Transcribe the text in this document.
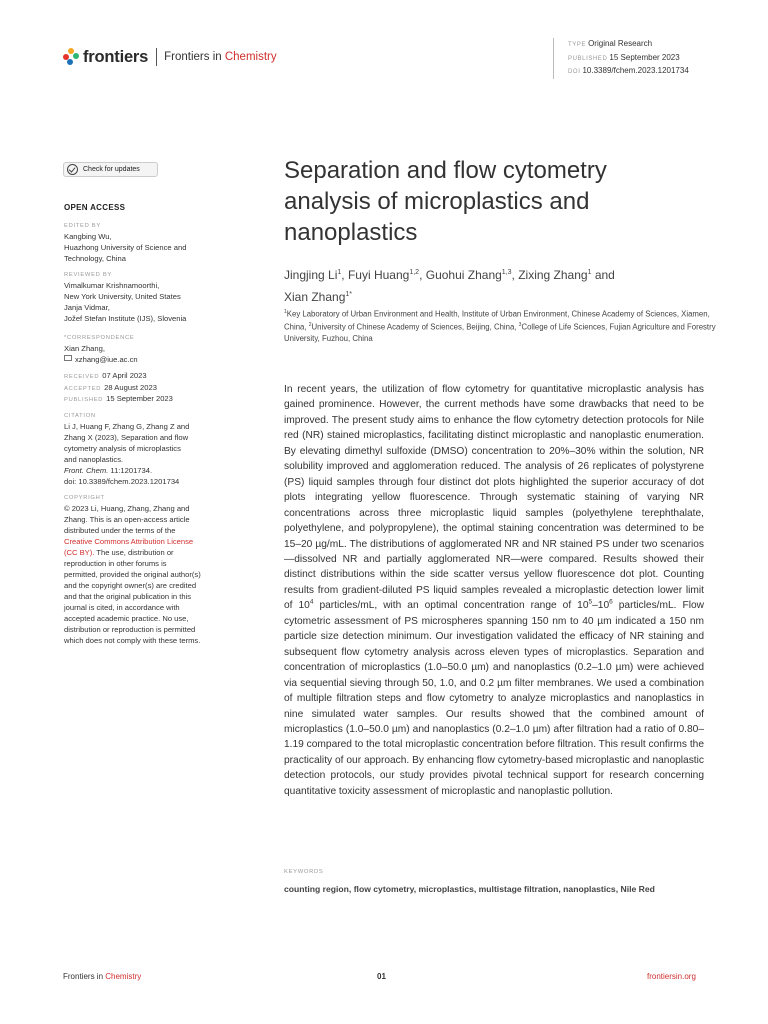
frontiers Frontiers in Chemistry
TYPE Original Research
PUBLISHED 15 September 2023
DOI 10.3389/fchem.2023.1201734
Check for updates
OPEN ACCESS
EDITED BY
Kangbing Wu,
Huazhong University of Science and
Technology, China
REVIEWED BY
Vimalkumar Krishnamoorthi,
New York University, United States
Janja Vidmar,
Jožef Stefan Institute (IJS), Slovenia
*CORRESPONDENCE
Xian Zhang,
xzhang@iue.ac.cn
RECEIVED 07 April 2023
ACCEPTED 28 August 2023
PUBLISHED 15 September 2023
CITATION
Li J, Huang F, Zhang G, Zhang Z and
Zhang X (2023), Separation and flow
cytometry analysis of microplastics
and nanoplastics.
Front. Chem. 11:1201734.
doi: 10.3389/fchem.2023.1201734
COPYRIGHT
© 2023 Li, Huang, Zhang, Zhang and
Zhang. This is an open-access article
distributed under the terms of the
Creative Commons Attribution License
(CC BY). The use, distribution or
reproduction in other forums is
permitted, provided the original author(s)
and the copyright owner(s) are credited
and that the original publication in this
journal is cited, in accordance with
accepted academic practice. No use,
distribution or reproduction is permitted
which does not comply with these terms.
Separation and flow cytometry
analysis of microplastics and
nanoplastics
Jingjing Li$^1$, Fuyi Huang$^{1,2}$, Guohui Zhang$^{1,3}$, Zixing Zhang$^1$ and
Xian Zhang$^{1*}$
$^1$Key Laboratory of Urban Environment and Health, Institute of Urban Environment, Chinese Academy of Sciences, Xiamen, China, $^2$University of Chinese Academy of Sciences, Beijing, China, $^3$College of Life Sciences, Fujian Agriculture and Forestry University, Fuzhou, China
In recent years, the utilization of flow cytometry for quantitative microplastic analysis has gained prominence. However, the current methods have some drawbacks that need to be improved. The present study aims to enhance the flow cytometry detection protocols for Nile red (NR) stained microplastics, facilitating distinct microplastic and nanoplastic enumeration. By elevating dimethyl sulfoxide (DMSO) concentration to 20%–30% within the solution, NR solubility improved and agglomeration reduced. The analysis of 26 replicates of polystyrene (PS) liquid samples through four distinct dot plots highlighted the superior accuracy of dot plots integrating yellow fluorescence. Through systematic staining of varying NR concentrations across three microplastic liquid samples (polyethylene terephthalate, polyethylene, and polypropylene), the optimal staining concentration was determined to be 15–20 µg/mL. The distributions of agglomerated NR and NR stained PS under two scenarios—dissolved NR and partially agglomerated NR—were compared. Results showed their distinct distributions within the side scatter versus yellow fluorescence dot plot. Counting results from gradient-diluted PS liquid samples revealed a microplastic detection lower limit of $10^4$ particles/mL, with an optimal concentration range of $10^5-10^6$ particles/mL. Flow cytometric assessment of PS microspheres spanning 150 nm to 40 µm indicated a 150 nm particle size detection minimum. Our investigation validated the efficacy of NR staining and subsequent flow cytometry analysis across eleven types of microplastics. Separation and concentration of microplastics (1.0–50.0 µm) and nanoplastics (0.2–1.0 µm) were achieved via sequential sieving through 50, 1.0, and 0.2 µm filter membranes. We used a combination of multiple filtration steps and flow cytometry to analyze microplastics and nanoplastics in nine simulated water samples. Our results showed that the combined amount of microplastics (1.0–50.0 µm) and nanoplastics (0.2–1.0 µm) after filtration had a ratio of 0.80–1.19 compared to the total microplastic concentration before filtration. This result confirms the practicality of our approach. By enhancing flow cytometry-based microplastic and nanoplastic detection protocols, our study provides pivotal technical support for research concerning quantitative toxicity assessment of microplastic and nanoplastic pollution.
KEYWORDS
counting region, flow cytometry, microplastics, multistage filtration, nanoplastics, Nile Red
Frontiers in Chemistry	01	frontiersin.org
